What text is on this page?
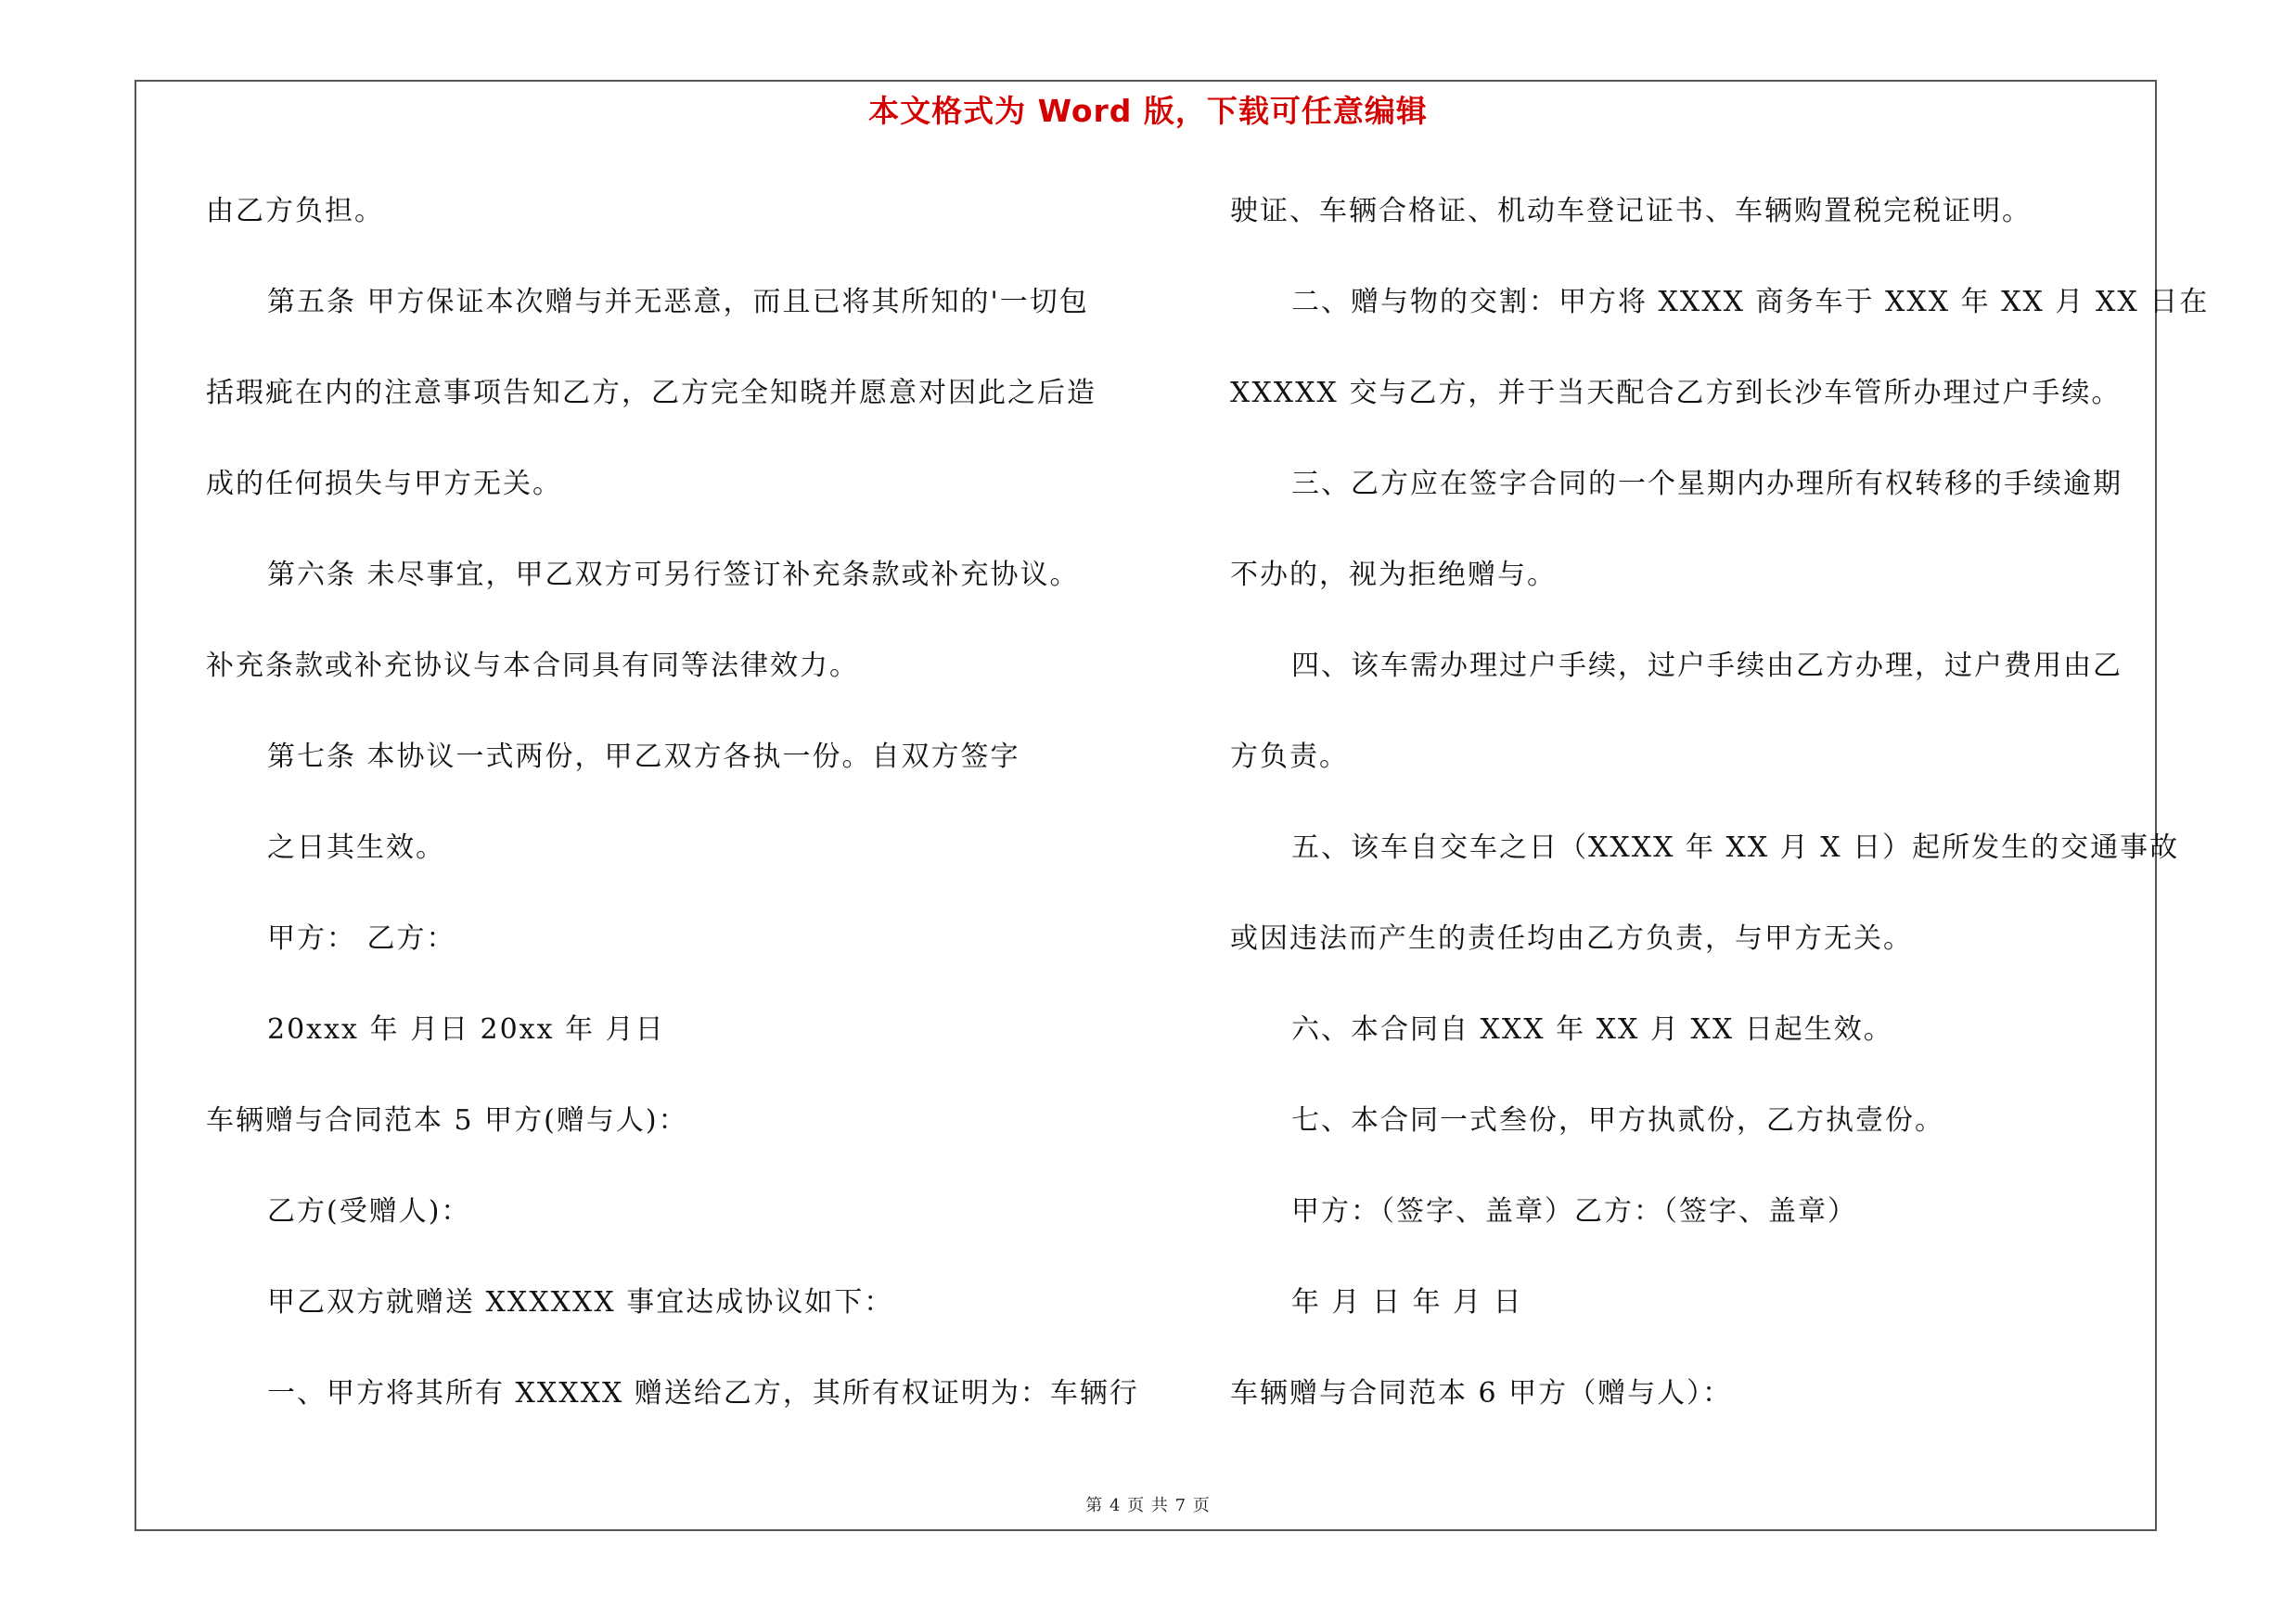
本文格式为 Word 版，下载可任意编辑
由乙方负担。
第五条 甲方保证本次赠与并无恶意，而且已将其所知的'一切包
括瑕疵在内的注意事项告知乙方，乙方完全知晓并愿意对因此之后造
成的任何损失与甲方无关。
第六条 未尽事宜，甲乙双方可另行签订补充条款或补充协议。
补充条款或补充协议与本合同具有同等法律效力。
第七条 本协议一式两份，甲乙双方各执一份。自双方签字
之日其生效。
甲方： 乙方：
20xxx 年 月日 20xx 年 月日
车辆赠与合同范本 5 甲方(赠与人)：
乙方(受赠人)：
甲乙双方就赠送 XXXXXX 事宜达成协议如下：
一、甲方将其所有 XXXXX 赠送给乙方，其所有权证明为：车辆行
驶证、车辆合格证、机动车登记证书、车辆购置税完税证明。
二、赠与物的交割：甲方将 XXXX 商务车于 XXX 年 XX 月 XX 日在
XXXXX 交与乙方，并于当天配合乙方到长沙车管所办理过户手续。
三、乙方应在签字合同的一个星期内办理所有权转移的手续逾期
不办的，视为拒绝赠与。
四、该车需办理过户手续，过户手续由乙方办理，过户费用由乙
方负责。
五、该车自交车之日（XXXX 年 XX 月 X 日）起所发生的交通事故
或因违法而产生的责任均由乙方负责，与甲方无关。
六、本合同自 XXX 年 XX 月 XX 日起生效。
七、本合同一式叁份，甲方执贰份，乙方执壹份。
甲方：（签字、盖章）乙方：（签字、盖章）
年 月 日 年 月 日
车辆赠与合同范本 6 甲方（赠与人）：
第 4 页 共 7 页
